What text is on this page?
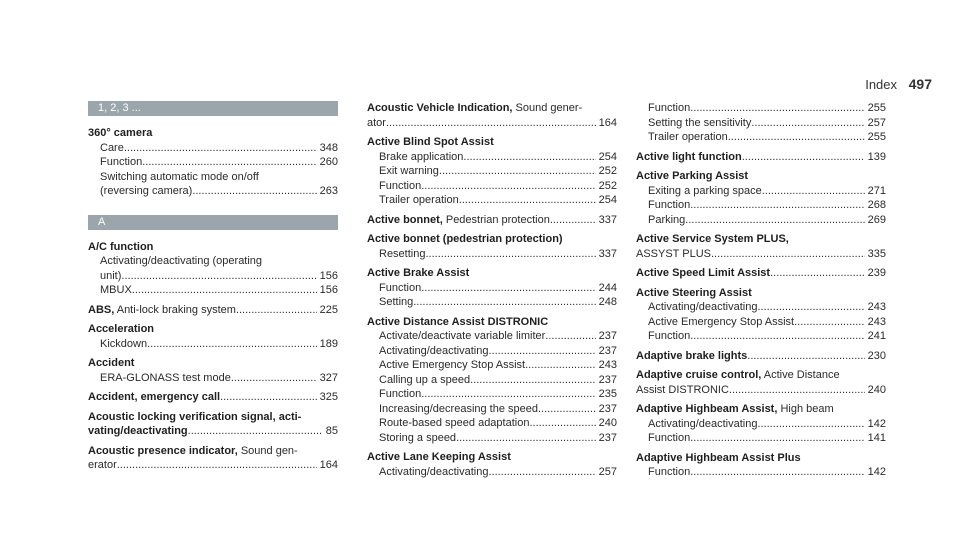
Index 497
1, 2, 3 ...
360° camera
Care .....	348
Function .....	260
Switching automatic mode on/off
(reversing camera) .....	263
A
A/C function
Activating/deactivating (operating
unit) .....	156
MBUX .....	156
ABS, Anti-lock braking system .....	225
Acceleration
Kickdown .....	189
Accident
ERA-GLONASS test mode .....	327
Accident, emergency call .....	325
Acoustic locking verification signal, acti-
vating/deactivating .....	85
Acoustic presence indicator, Sound gen-
erator .....	164
Acoustic Vehicle Indication, Sound gener-
ator .....	164
Active Blind Spot Assist
Brake application .....	254
Exit warning .....	252
Function .....	252
Trailer operation .....	254
Active bonnet, Pedestrian protection .....	337
Active bonnet (pedestrian protection)
Resetting .....	337
Active Brake Assist
Function .....	244
Setting .....	248
Active Distance Assist DISTRONIC
Activate/deactivate variable limiter .....	237
Activating/deactivating .....	237
Active Emergency Stop Assist .....	243
Calling up a speed .....	237
Function .....	235
Increasing/decreasing the speed .....	237
Route-based speed adaptation .....	240
Storing a speed .....	237
Active Lane Keeping Assist
Activating/deactivating .....	257
Function .....	255
Setting the sensitivity .....	257
Trailer operation .....	255
Active light function .....	139
Active Parking Assist
Exiting a parking space .....	271
Function .....	268
Parking .....	269
Active Service System PLUS,
ASSYST PLUS .....	335
Active Speed Limit Assist .....	239
Active Steering Assist
Activating/deactivating .....	243
Active Emergency Stop Assist .....	243
Function .....	241
Adaptive brake lights .....	230
Adaptive cruise control, Active Distance
Assist DISTRONIC .....	240
Adaptive Highbeam Assist, High beam
Activating/deactivating .....	142
Function .....	141
Adaptive Highbeam Assist Plus
Function .....	142
